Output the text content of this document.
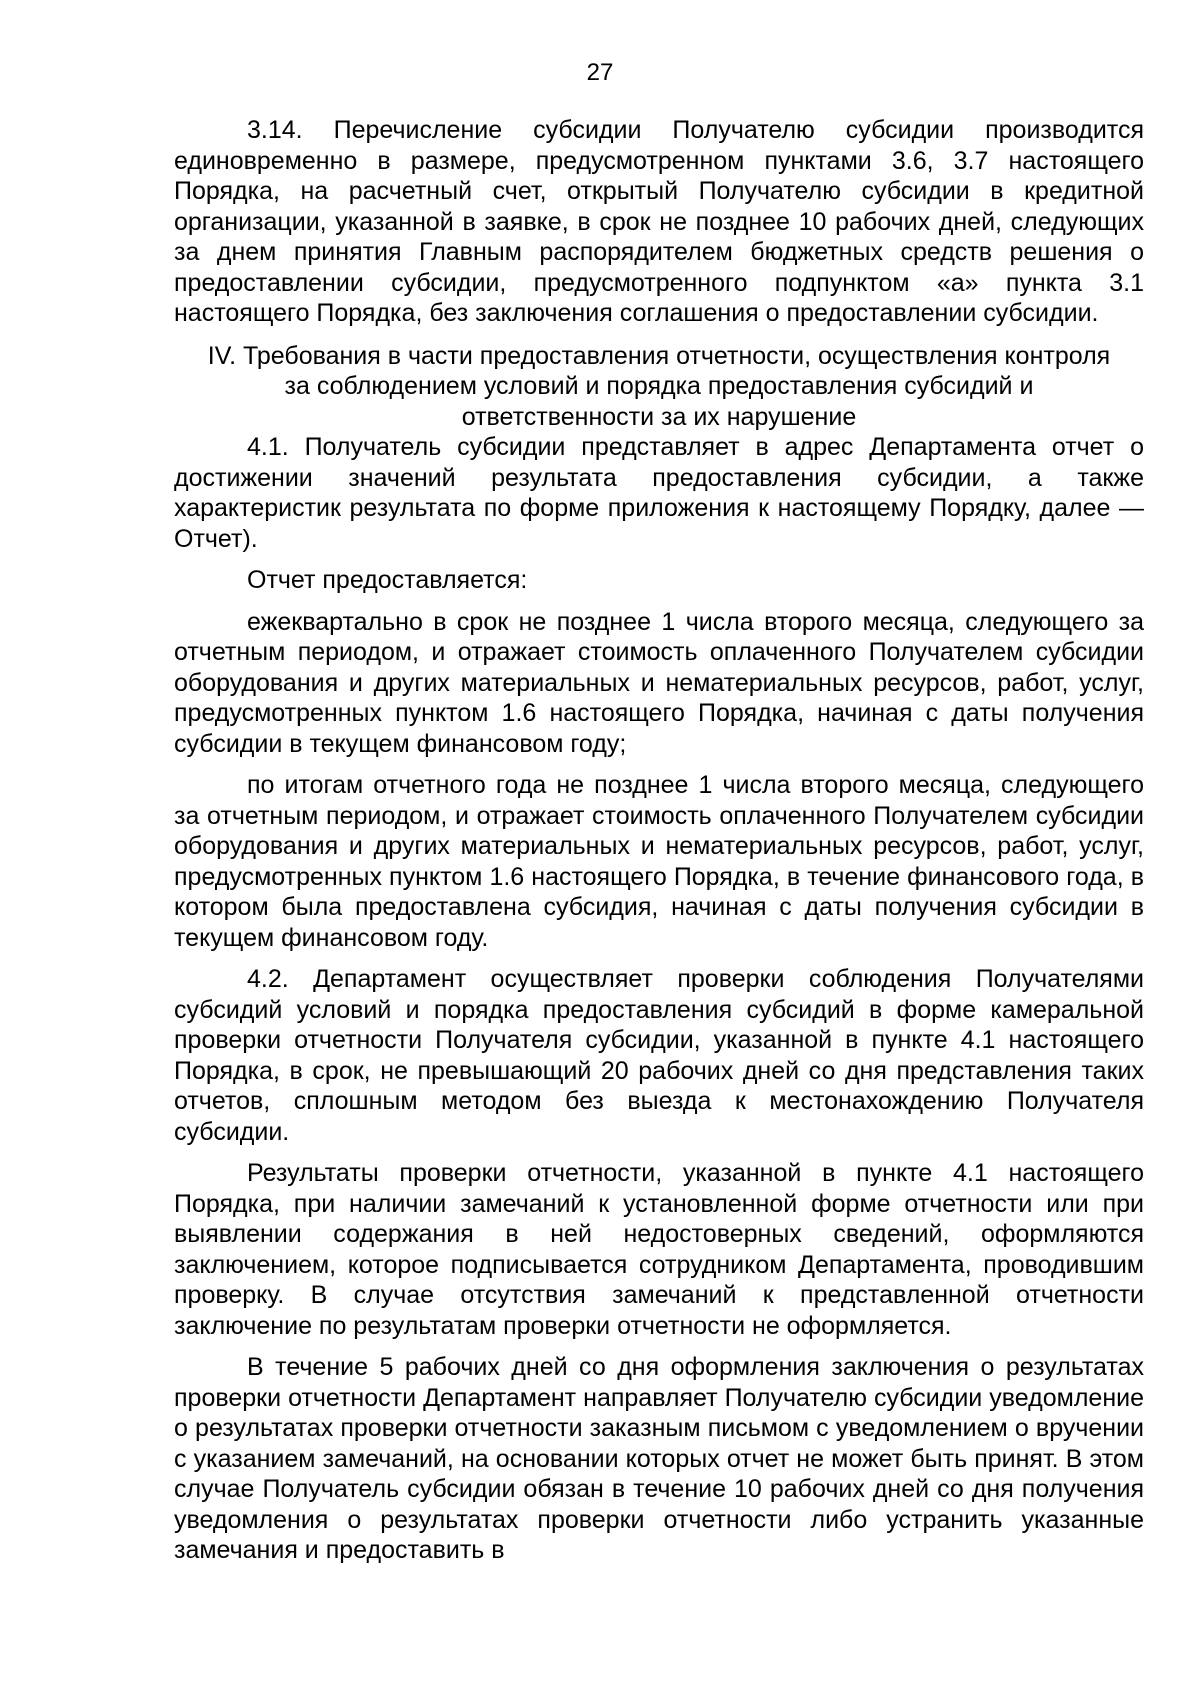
27

3.14. Перечисление субсидии Получателю субсидии производится единовременно в размере, предусмотренном пунктами 3.6, 3.7 настоящего Порядка, на расчетный счет, открытый Получателю субсидии в кредитной организации, указанной в заявке, в срок не позднее 10 рабочих дней, следующих за днем принятия Главным распорядителем бюджетных средств решения о предоставлении субсидии, предусмотренного подпунктом «а» пункта 3.1 настоящего Порядка, без заключения соглашения о предоставлении субсидии.

IV. Требования в части предоставления отчетности, осуществления контроля за соблюдением условий и порядка предоставления субсидий и ответственности за их нарушение

4.1. Получатель субсидии представляет в адрес Департамента отчет о достижении значений результата предоставления субсидии, а также характеристик результата по форме приложения к настоящему Порядку, далее — Отчет).

Отчет предоставляется:

ежеквартально в срок не позднее 1 числа второго месяца, следующего за отчетным периодом, и отражает стоимость оплаченного Получателем субсидии оборудования и других материальных и нематериальных ресурсов, работ, услуг, предусмотренных пунктом 1.6 настоящего Порядка, начиная с даты получения субсидии в текущем финансовом году;

по итогам отчетного года не позднее 1 числа второго месяца, следующего за отчетным периодом, и отражает стоимость оплаченного Получателем субсидии оборудования и других материальных и нематериальных ресурсов, работ, услуг, предусмотренных пунктом 1.6 настоящего Порядка, в течение финансового года, в котором была предоставлена субсидия, начиная с даты получения субсидии в текущем финансовом году.

4.2. Департамент осуществляет проверки соблюдения Получателями субсидий условий и порядка предоставления субсидий в форме камеральной проверки отчетности Получателя субсидии, указанной в пункте 4.1 настоящего Порядка, в срок, не превышающий 20 рабочих дней со дня представления таких отчетов, сплошным методом без выезда к местонахождению Получателя субсидии.

Результаты проверки отчетности, указанной в пункте 4.1 настоящего Порядка, при наличии замечаний к установленной форме отчетности или при выявлении содержания в ней недостоверных сведений, оформляются заключением, которое подписывается сотрудником Департамента, проводившим проверку. В случае отсутствия замечаний к представленной отчетности заключение по результатам проверки отчетности не оформляется.

В течение 5 рабочих дней со дня оформления заключения о результатах проверки отчетности Департамент направляет Получателю субсидии уведомление о результатах проверки отчетности заказным письмом с уведомлением о вручении с указанием замечаний, на основании которых отчет не может быть принят. В этом случае Получатель субсидии обязан в течение 10 рабочих дней со дня получения уведомления о результатах проверки отчетности либо устранить указанные замечания и предоставить в
